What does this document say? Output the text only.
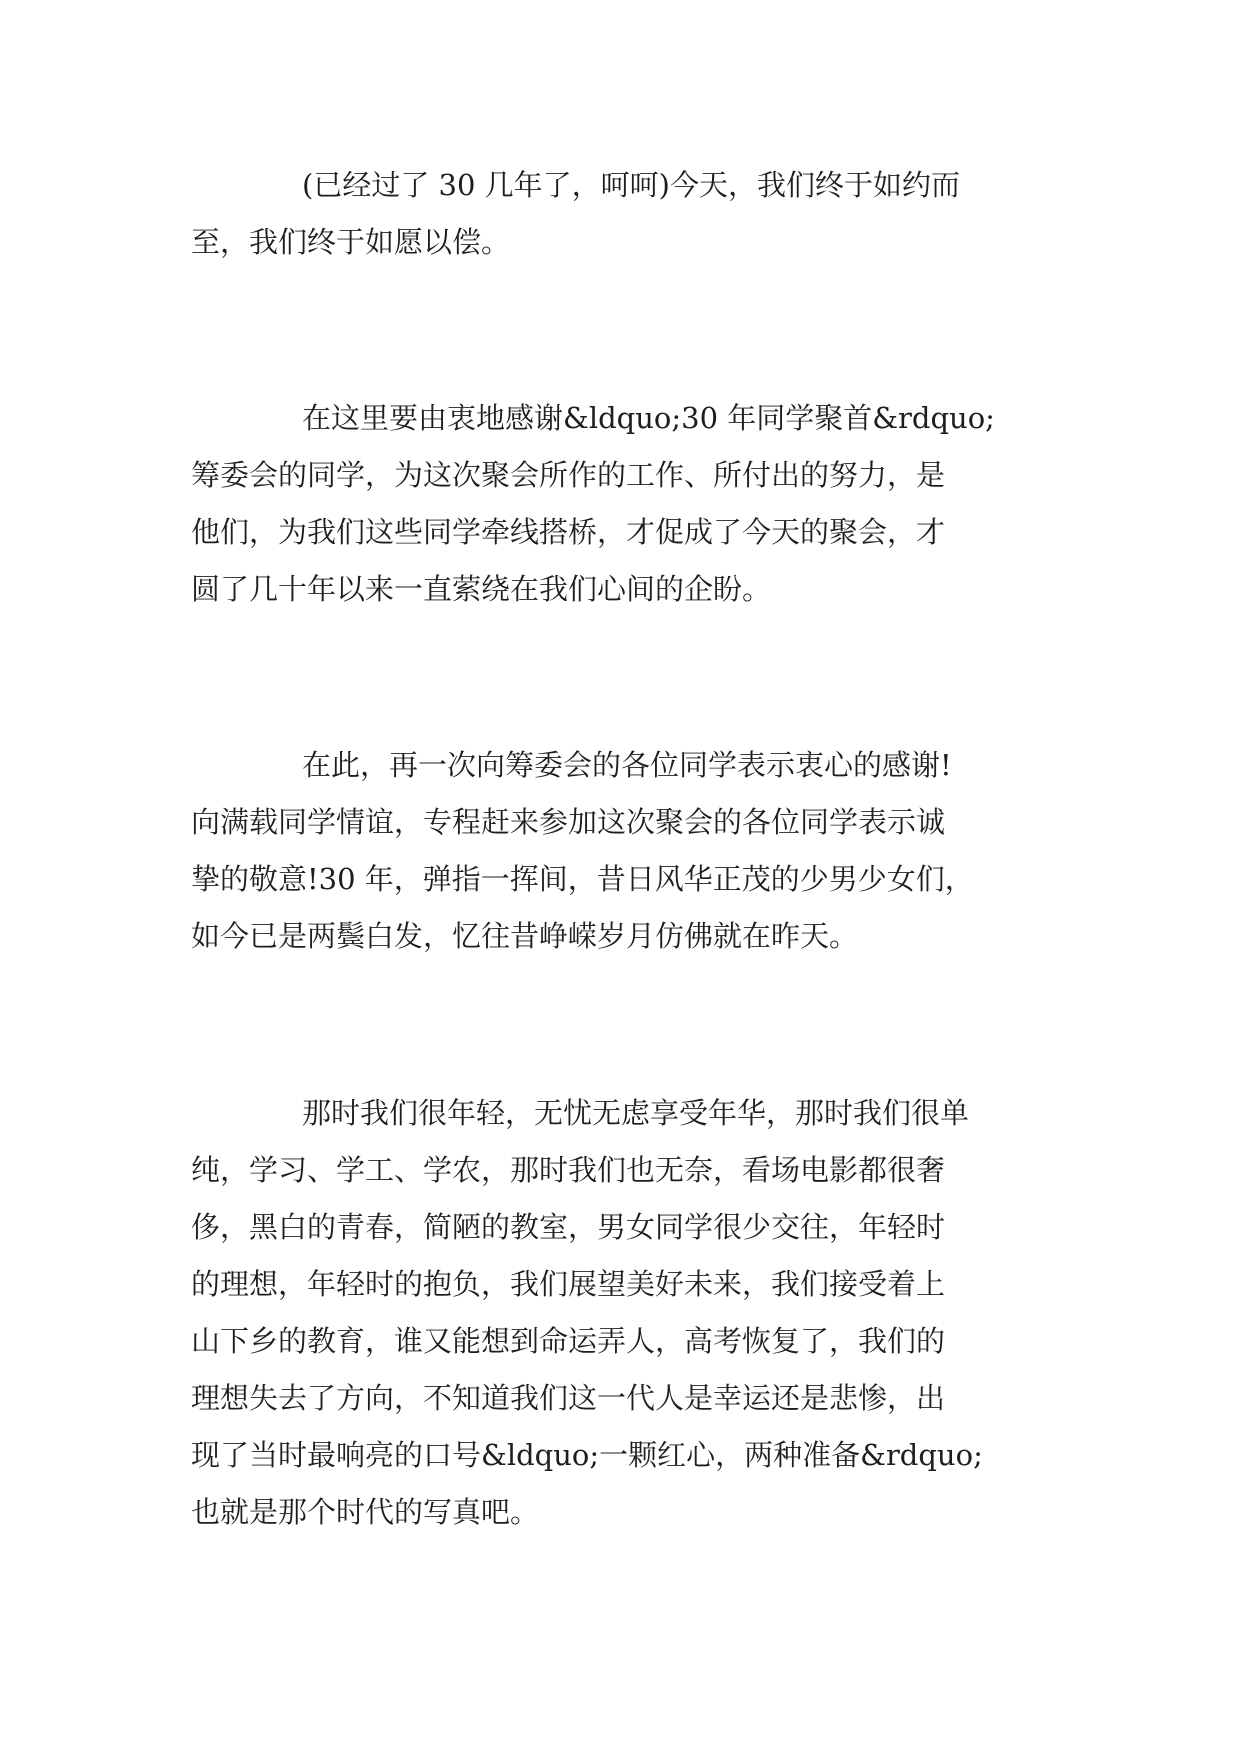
(已经过了 30 几年了，呵呵)今天，我们终于如约而
至，我们终于如愿以偿。
在这里要由衷地感谢&ldquo;30 年同学聚首&rdquo;
筹委会的同学，为这次聚会所作的工作、所付出的努力，是
他们，为我们这些同学牵线搭桥，才促成了今天的聚会，才
圆了几十年以来一直萦绕在我们心间的企盼。
在此，再一次向筹委会的各位同学表示衷心的感谢!
向满载同学情谊，专程赶来参加这次聚会的各位同学表示诚
挚的敬意!30 年，弹指一挥间，昔日风华正茂的少男少女们，
如今已是两鬓白发，忆往昔峥嵘岁月仿佛就在昨天。
那时我们很年轻，无忧无虑享受年华，那时我们很单
纯，学习、学工、学农，那时我们也无奈，看场电影都很奢
侈，黑白的青春，简陋的教室，男女同学很少交往，年轻时
的理想，年轻时的抱负，我们展望美好未来，我们接受着上
山下乡的教育，谁又能想到命运弄人，高考恢复了，我们的
理想失去了方向，不知道我们这一代人是幸运还是悲惨，出
现了当时最响亮的口号&ldquo;一颗红心，两种准备&rdquo;
也就是那个时代的写真吧。
